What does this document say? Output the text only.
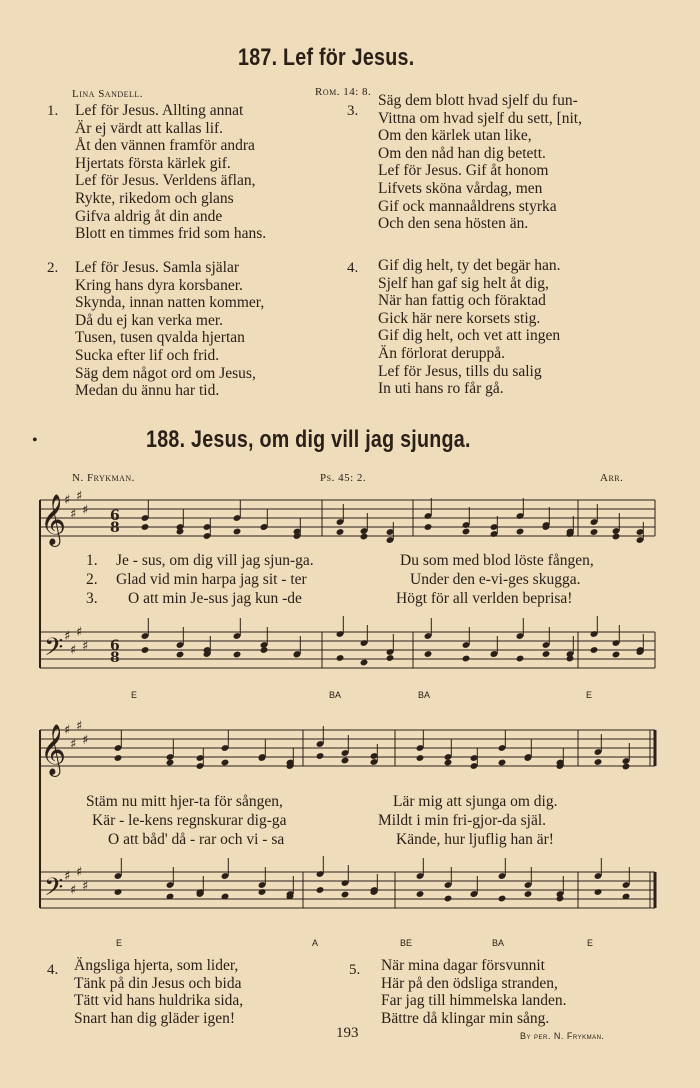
187. Lef för Jesus.
Lina Sandell.	Rom. 14: 8.
1. Lef för Jesus. Allting annat
Är ej värdt att kallas lif.
Åt den vännen framför andra
Hjertats första kärlek gif.
Lef för Jesus. Verldens äflan,
Rykte, rikedom och glans
Gifva aldrig åt din ande
Blott en timmes frid som hans.
2. Lef för Jesus. Samla själar
Kring hans dyra korsbaner.
Skynda, innan natten kommer,
Då du ej kan verka mer.
Tusen, tusen qvalda hjertan
Sucka efter lif och frid.
Säg dem något ord om Jesus,
Medan du ännu har tid.
3.
Säg dem blott hvad sjelf du fun-
Vittna om hvad sjelf du sett, [nit,
Om den kärlek utan like,
Om den nåd han dig betett.
Lef för Jesus. Gif åt honom
Lifvets sköna vårdag, men
Gif ock mannaåldrens styrka
Och den sena hösten än.
4. Gif dig helt, ty det begär han.
Sjelf han gaf sig helt åt dig,
När han fattig och föraktad
Gick här nere korsets stig.
Gif dig helt, och vet att ingen
Än förlorat deruppå.
Lef för Jesus, tills du salig
In uti hans ro får gå.
•	188. Jesus, om dig vill jag sjunga.
N. Frykman.	Ps. 45: 2.	Arr.
𝄞
♯
♯
♯
♯ 6
8
𝄢 ♯
♯
♯
♯ 6
8
𝄞
♯
♯
♯
♯
𝄢 ♯
♯
♯
♯
1. Je - sus, om dig vill jag sjun-ga.	Du som med blod löste fången,
2. Glad vid min harpa jag sit - ter	Under den e-vi-ges skugga.
3. O att min Je-sus jag kun -de	Högt för all verlden beprisa!
E	BA	BA	E
Stäm nu mitt hjer-ta för sången,	Lär mig att sjunga om dig.
Kär - le-kens regnskurar dig-ga	Mildt i min fri-gjor-da själ.
O att båd' då - rar och vi - sa	Kände, hur ljuflig han är!
E	A	BE	BA	E
4. Ängsliga hjerta, som lider,
Tänk på din Jesus och bida
Tätt vid hans huldrika sida,
Snart han dig gläder igen!
5. När mina dagar försvunnit
Här på den ödsliga stranden,
Far jag till himmelska landen.
Bättre då klingar min sång.
193	By per. N. Frykman.
